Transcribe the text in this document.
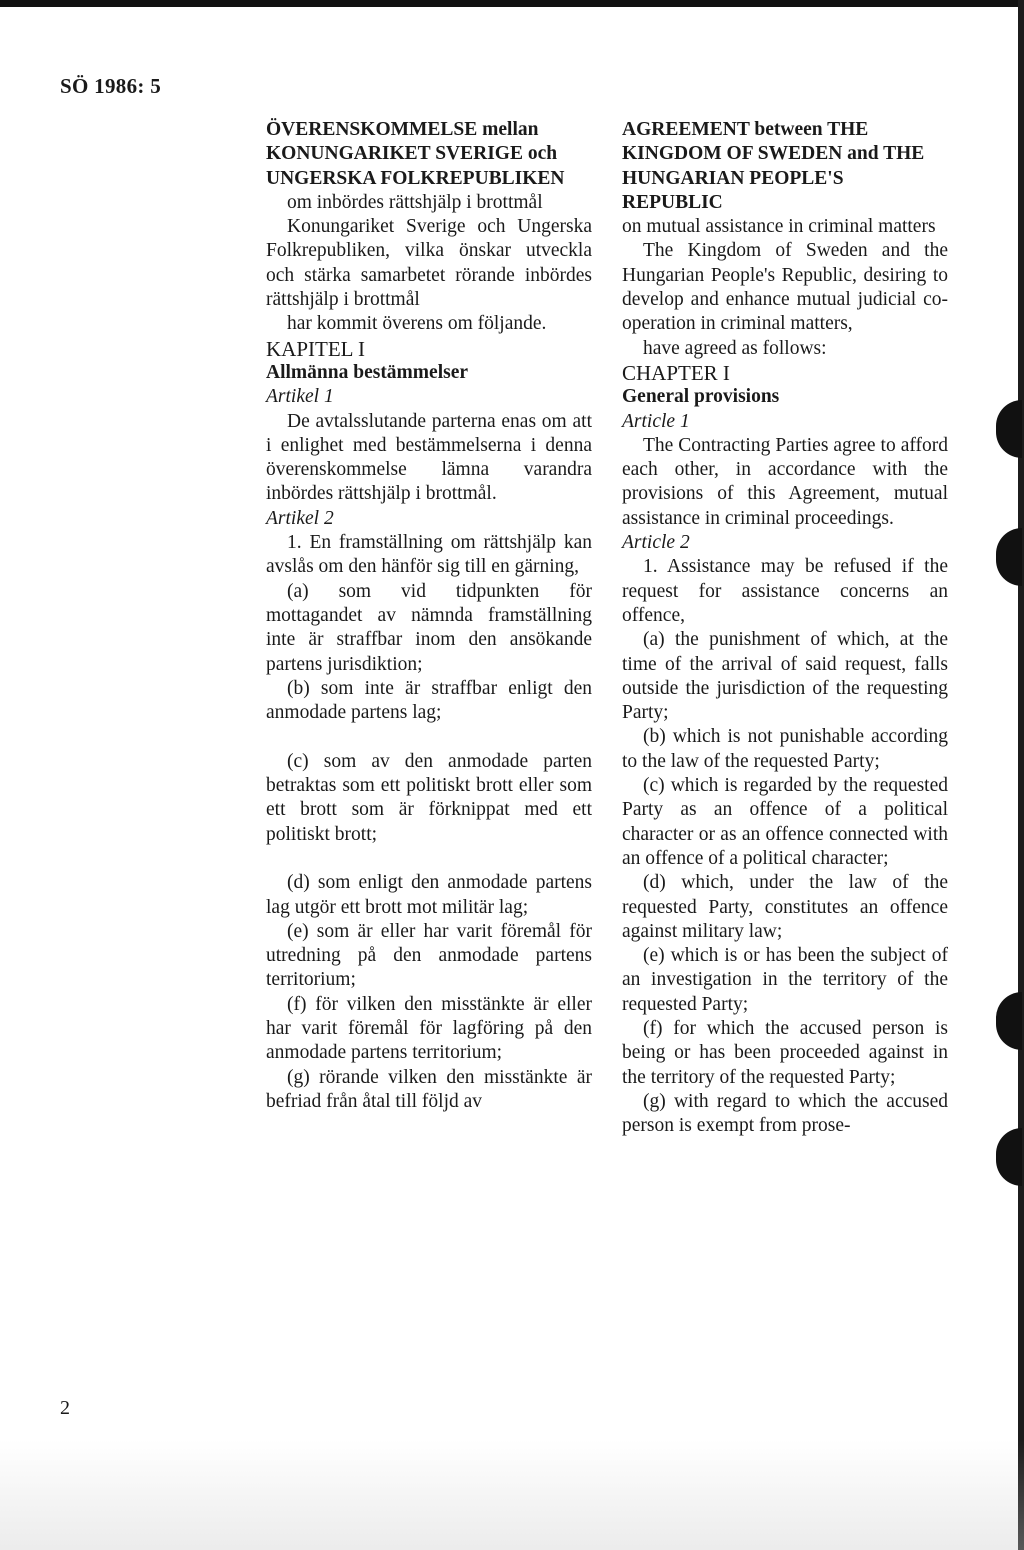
SÖ 1986: 5

ÖVERENSKOMMELSE mellan KONUNGARIKET SVERIGE och UNGERSKA FOLKREPUBLIKEN

om inbördes rättshjälp i brottmål

Konungariket Sverige och Ungerska Folkrepubliken, vilka önskar utveckla och stärka samarbetet rörande inbördes rättshjälp i brottmål

har kommit överens om följande.

KAPITEL I

Allmänna bestämmelser

Artikel 1

De avtalsslutande parterna enas om att i enlighet med bestämmelserna i denna överenskommelse lämna varandra inbördes rättshjälp i brottmål.

Artikel 2

1. En framställning om rättshjälp kan avslås om den hänför sig till en gärning,

(a) som vid tidpunkten för mottagandet av nämnda framställning inte är straffbar inom den ansökande partens jurisdiktion;

(b) som inte är straffbar enligt den anmodade partens lag;

(c) som av den anmodade parten betraktas som ett politiskt brott eller som ett brott som är förknippat med ett politiskt brott;

(d) som enligt den anmodade partens lag utgör ett brott mot militär lag;

(e) som är eller har varit föremål för utredning på den anmodade partens territorium;

(f) för vilken den misstänkte är eller har varit föremål för lagföring på den anmodade partens territorium;

(g) rörande vilken den misstänkte är befriad från åtal till följd av

AGREEMENT between THE KINGDOM OF SWEDEN and THE HUNGARIAN PEOPLE'S REPUBLIC

on mutual assistance in criminal matters

The Kingdom of Sweden and the Hungarian People's Republic, desiring to develop and enhance mutual judicial co-operation in criminal matters,

have agreed as follows:

CHAPTER I

General provisions

Article 1

The Contracting Parties agree to afford each other, in accordance with the provisions of this Agreement, mutual assistance in criminal proceedings.

Article 2

1. Assistance may be refused if the request for assistance concerns an offence,

(a) the punishment of which, at the time of the arrival of said request, falls outside the jurisdiction of the requesting Party;

(b) which is not punishable according to the law of the requested Party;

(c) which is regarded by the requested Party as an offence of a political character or as an offence connected with an offence of a political character;

(d) which, under the law of the requested Party, constitutes an offence against military law;

(e) which is or has been the subject of an investigation in the territory of the requested Party;

(f) for which the accused person is being or has been proceeded against in the territory of the requested Party;

(g) with regard to which the accused person is exempt from prose-

2
